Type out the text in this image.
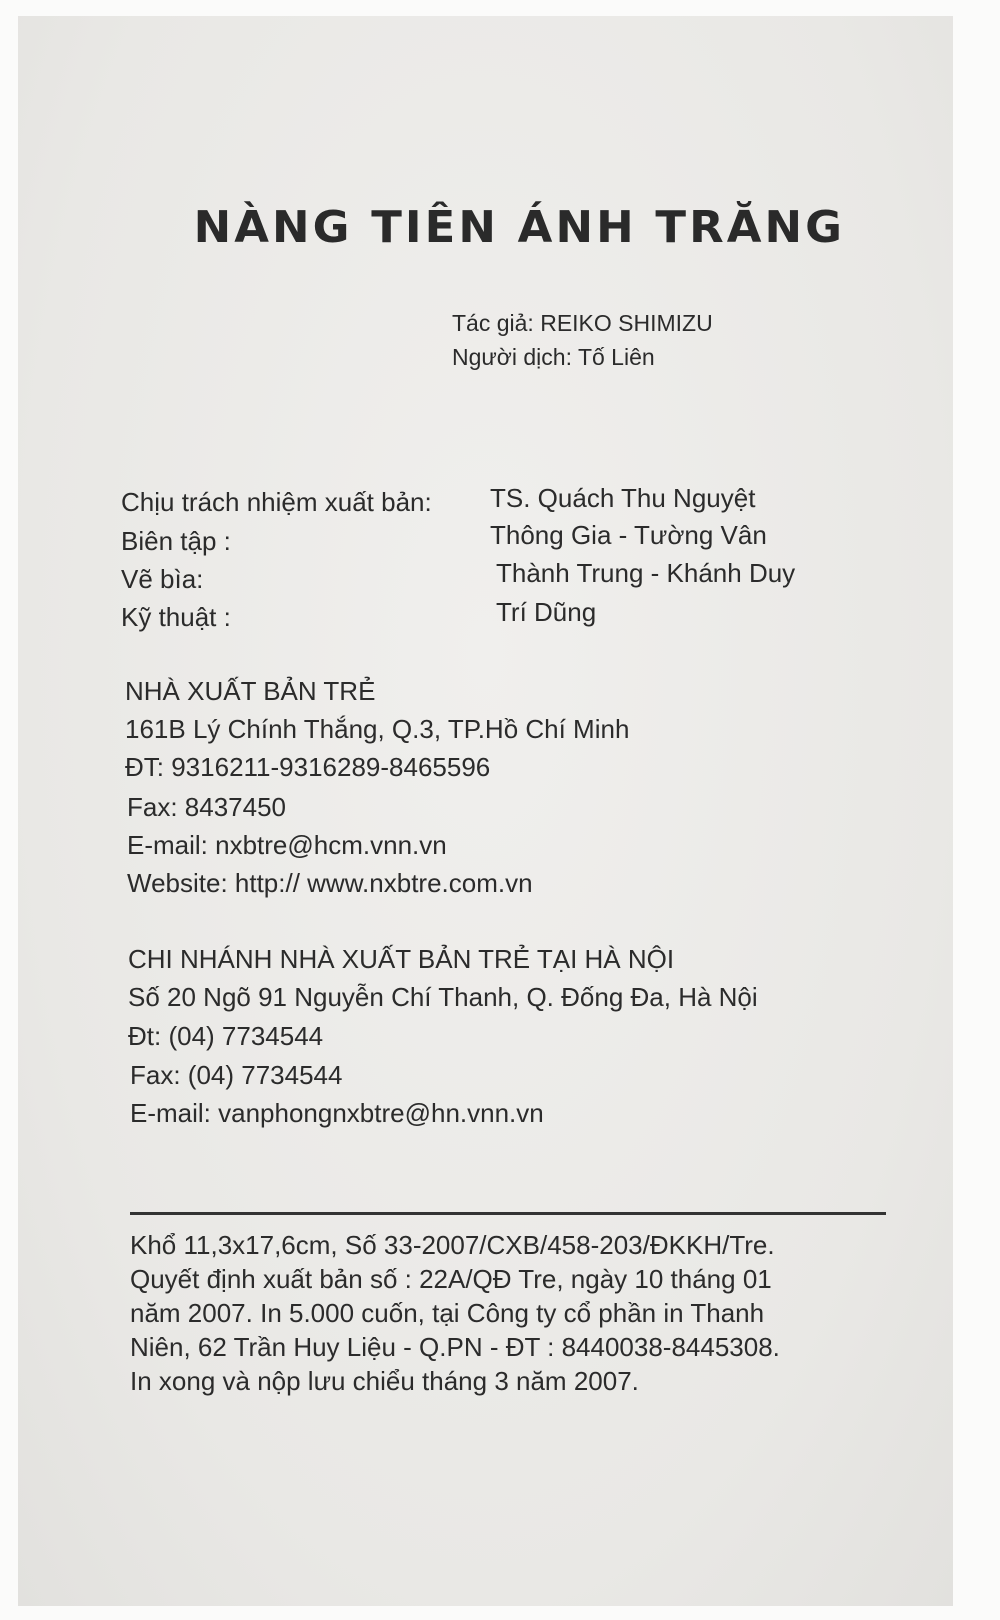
NÀNG TIÊN ÁNH TRĂNG
Tác giả: REIKO SHIMIZU
Người dịch: Tố Liên
Chịu trách nhiệm xuất bản: TS. Quách Thu Nguyệt
Biên tập :	Thông Gia - Tường Vân
Vẽ bìa:	Thành Trung - Khánh Duy
Kỹ thuật :	Trí Dũng
NHÀ XUẤT BẢN TRẺ
161B Lý Chính Thắng, Q.3, TP.Hồ Chí Minh
ĐT: 9316211-9316289-8465596
Fax: 8437450
E-mail: nxbtre@hcm.vnn.vn
Website: http:// www.nxbtre.com.vn
CHI NHÁNH NHÀ XUẤT BẢN TRẺ TẠI HÀ NỘI
Số 20 Ngõ 91 Nguyễn Chí Thanh, Q. Đống Đa, Hà Nội
Đt: (04) 7734544
Fax: (04) 7734544
E-mail: vanphongnxbtre@hn.vnn.vn
Khổ 11,3x17,6cm, Số 33-2007/CXB/458-203/ĐKKH/Tre.
Quyết định xuất bản số : 22A/QĐ Tre, ngày 10 tháng 01
năm 2007. In 5.000 cuốn, tại Công ty cổ phần in Thanh
Niên, 62 Trần Huy Liệu - Q.PN - ĐT : 8440038-8445308.
In xong và nộp lưu chiểu tháng 3 năm 2007.
